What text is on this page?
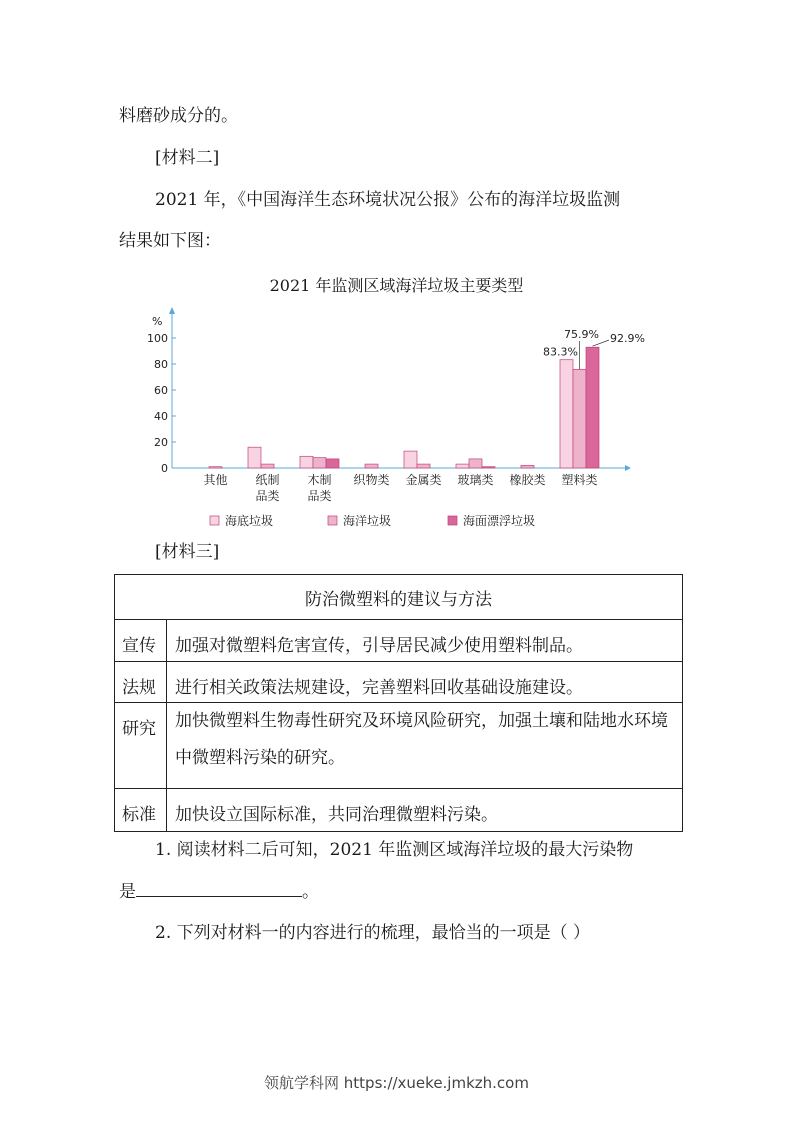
料磨砂成分的。
[材料二]
2021 年，《中国海洋生态环境状况公报》公布的海洋垃圾监测
结果如下图：
2021 年监测区域海洋垃圾主要类型
%
0
20
40
60
80
100
其他 纸制
品类
木制
品类
织物类 金属类 玻璃类 橡胶类 塑料类
83.3%
75.9% 92.9%
海底垃圾	海洋垃圾	海面漂浮垃圾
[材料三]
防治微塑料的建议与方法	
宣传	加强对微塑料危害宣传，引导居民减少使用塑料制品。
法规	进行相关政策法规建设，完善塑料回收基础设施建设。
研究	加快微塑料生物毒性研究及环境风险研究，加强土壤和陆地水环境中微塑料污染的研究。
标准	加快设立国际标准，共同治理微塑料污染。
1. 阅读材料二后可知，2021 年监测区域海洋垃圾的最大污染物
是	。
2. 下列对材料一的内容进行的梳理，最恰当的一项是（ ）
领航学科网 https://xueke.jmkzh.com
